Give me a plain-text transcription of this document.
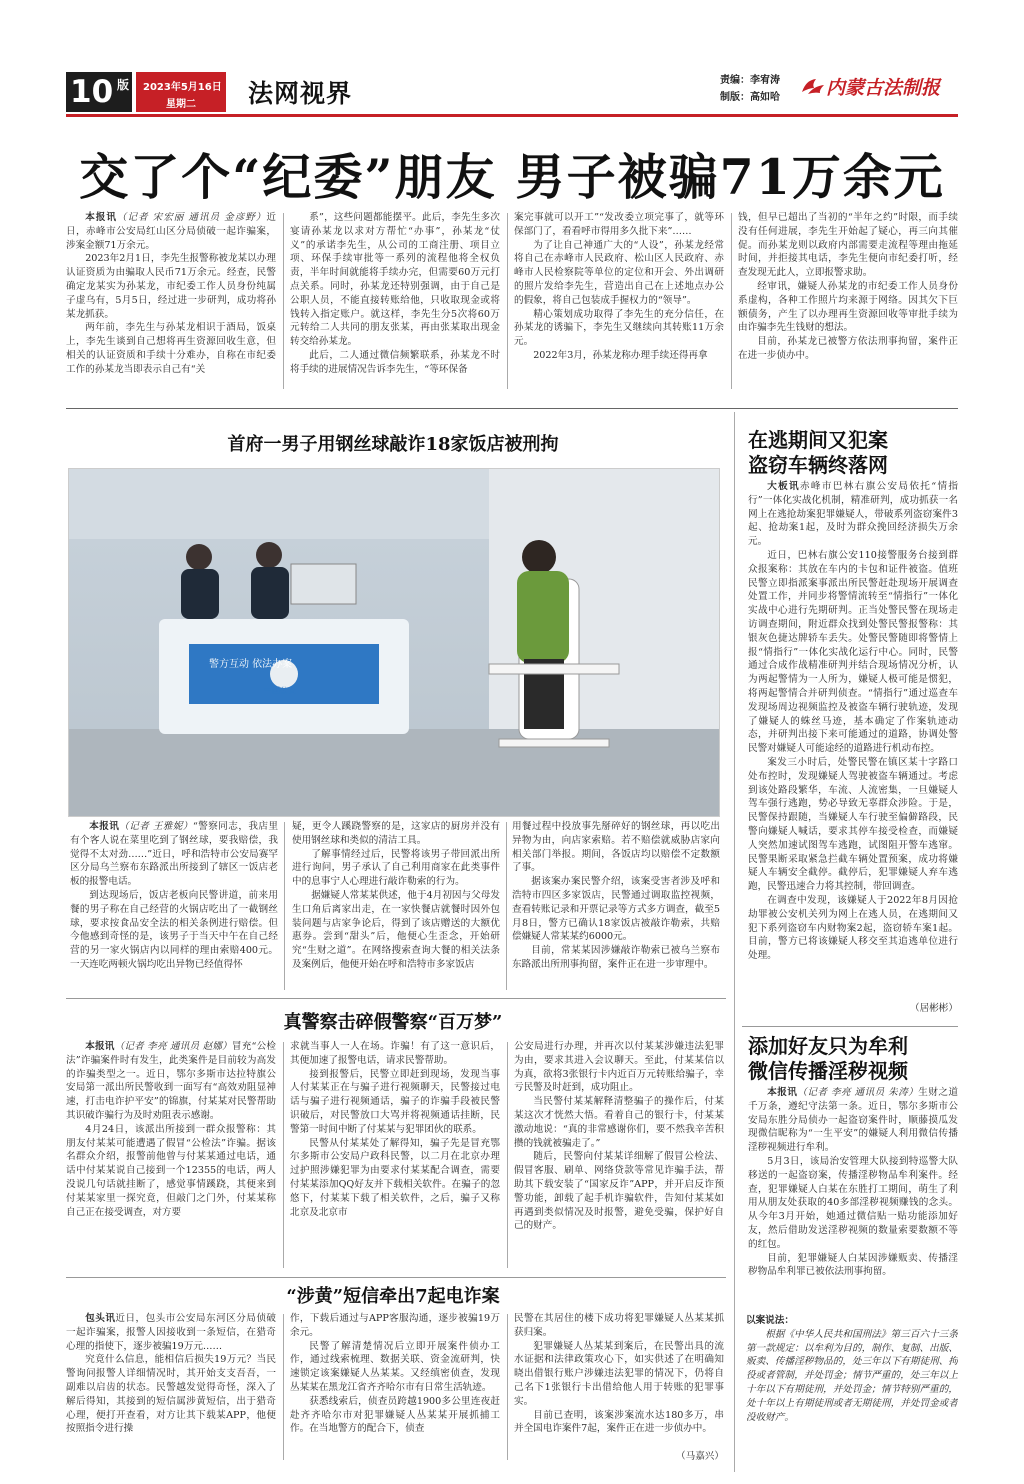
10 版 2023年5月16日
星期二 法网视界	责编：李宥涛
制版：高如哈 内蒙古法制报
交了个“纪委”朋友 男子被骗71万余元

本报讯（记者 宋宏丽 通讯员 金彦野）近日，赤峰市公安局红山区分局侦破一起诈骗案，涉案金额71万余元。

2023年2月1日，李先生报警称被龙某以办理认证资质为由骗取人民币71万余元。经查，民警确定龙某实为孙某龙，市纪委工作人员身份纯属子虚乌有，5月5日，经过进一步研判，成功将孙某龙抓获。

两年前，李先生与孙某龙相识于酒局，饭桌上，李先生谈到自己想将再生资源回收生意，但相关的认证资质和手续十分难办，自称在市纪委工作的孙某龙当即表示自己有“关

系”，这些问题都能摆平。此后，李先生多次宴请孙某龙以求对方帮忙“办事”，孙某龙“仗义”的承诺李先生，从公司的工商注册、项目立项、环保手续审批等一系列的流程他将全权负责，半年时间就能将手续办完，但需要60万元打点关系。同时，孙某龙还特别强调，由于自己是公职人员，不能直接转账给他，只收取现金或将钱转入指定账户。就这样，李先生分5次将60万元转给二人共同的朋友张某，再由张某取出现金转交给孙某龙。

此后，二人通过微信频繁联系，孙某龙不时将手续的进展情况告诉李先生，“等环保备

案完事就可以开工”“发改委立项完事了，就等环保部门了，看看呼市得用多久批下来”……

为了让自己神通广大的“人设”，孙某龙经常将自己在赤峰市人民政府、松山区人民政府、赤峰市人民检察院等单位的定位和开会、外出调研的照片发给李先生，营造出自己在上述地点办公的假象，将自己包装成手握权力的“领导”。

精心策划成功取得了李先生的充分信任，在孙某龙的诱骗下，李先生又继续向其转账11万余元。

2022年3月，孙某龙称办理手续还得再拿

钱，但早已超出了当初的“半年之约”时限，而手续没有任何进展，李先生开始起了疑心，再三向其催促。而孙某龙则以政府内部需要走流程等理由拖延时间，并拒接其电话，李先生便向市纪委打听，经查发现无此人，立即报警求助。

经审讯，嫌疑人孙某龙的市纪委工作人员身份系虚构，各种工作照片均来源于网络。因其欠下巨额债务，产生了以办理再生资源回收等审批手续为由诈骗李先生钱财的想法。

目前，孙某龙已被警方依法刑事拘留，案件正在进一步侦办中。

首府一男子用钢丝球敲诈18家饭店被刑拘
警方互动 依法办案
中国公安

本报讯（记者 王雅妮）“警察同志，我店里有个客人说在菜里吃到了钢丝球，要我赔偿，我觉得不太对劲……”近日，呼和浩特市公安局赛罕区分局乌兰察布东路派出所接到了辖区一饭店老板的报警电话。

到达现场后，饭店老板向民警讲道，前来用餐的男子称在自己经营的火锅店吃出了一截钢丝球，要求按食品安全法的相关条例进行赔偿。但今他感到奇怪的是，该男子于当天中午在自己经营的另一家火锅店内以同样的理由索赔400元。一天连吃两顿火锅均吃出异物已经值得怀

疑，更令人蹊跷警察的是，这家店的厨房并没有使用钢丝球和类似的清洁工具。

了解事情经过后，民警将该男子带回派出所进行询问，男子承认了自己利用商家在此类事件中的息事宁人心理进行敲诈勒索的行为。

据嫌疑人常某某供述，他于4月初因与父母发生口角后离家出走，在一家快餐店就餐时因外包装问题与店家争论后，得到了该店赠送的大额优惠券。尝到“甜头”后，他便心生歪念，开始研究“生财之道”。在网络搜索查询大餐的相关法条及案例后，他便开始在呼和浩特市多家饭店

用餐过程中投放事先掰碎好的钢丝球，再以吃出异物为由，向店家索赔。若不赔偿就威胁店家向相关部门举报。期间，各饭店均以赔偿不定数额了事。

据该案办案民警介绍，该案受害者涉及呼和浩特市四区多家饭店，民警通过调取监控视频，查看转账记录和开票记录等方式多方调查，截至5月8日，警方已确认18家饭店被敲诈勒索，共赔偿嫌疑人常某某约6000元。

目前，常某某因涉嫌敲诈勒索已被乌兰察布东路派出所刑事拘留，案件正在进一步审理中。

真警察击碎假警察“百万梦”

本报讯（记者 李亮 通讯员 赵娜）冒充“公检法”诈骗案件时有发生，此类案件是目前较为高发的诈骗类型之一。近日，鄂尔多斯市达拉特旗公安局第一派出所民警收到一面写有“高效劝阻显神速，打击电诈护平安”的锦旗，付某某对民警帮助其识破诈骗行为及时劝阻表示感谢。

4月24日，该派出所接到一群众报警称：其朋友付某某可能遭遇了假冒“公检法”诈骗。据该名群众介绍，报警前他曾与付某某通过电话，通话中付某某说自己接到一个12355的电话，两人没说几句话就挂断了，感觉事情蹊跷，其便来到付某某家里一探究竟，但敲门之门外，付某某称自己正在接受调查，对方要

求就当事人一人在场。诈骗！有了这一意识后，其便加速了报警电话，请求民警帮助。

接到报警后，民警立即赶到现场，发现当事人付某某正在与骗子进行视频聊天，民警接过电话与骗子进行视频通话，骗子的诈骗手段被民警识破后，对民警放口大骂并将视频通话挂断，民警第一时间中断了付某某与犯罪团伙的联系。

民警从付某某处了解得知，骗子先是冒充鄂尔多斯市公安局户政科民警，以二月在北京办理过护照涉嫌犯罪为由要求付某某配合调查，需要付某某添加QQ好友并下载相关软件。在骗子的忽悠下，付某某下载了相关软件，之后，骗子又称北京及北京市

公安局进行办理，并再次以付某某涉嫌违法犯罪为由，要求其进入会议聊天。至此，付某某信以为真，欲将3张银行卡内近百万元转账给骗子，幸亏民警及时赶到，成功阻止。

当民警付某某解释清整骗子的操作后，付某某这次才恍然大悟。看着自己的银行卡，付某某激动地说：“真的非常感谢你们，要不然我辛苦积攒的钱就被骗走了。”

随后，民警向付某某详细解了假冒公检法、假冒客服、刷单、网络贷款等常见诈骗手法，帮助其下载安装了“国家反诈”APP，并开启反诈预警功能，卸载了起手机诈骗软件，告知付某某如再遇到类似情况及时报警，避免受骗，保护好自己的财产。

“涉黄”短信牵出7起电诈案

包头讯近日，包头市公安局东河区分局侦破一起诈骗案，报警人因接收到一条短信，在猎奇心理的指使下，逐步被骗19万元……

究竟什么信息，能相信后损失19万元？当民警询问报警人详细情况时，其开始支支吾吾，一副难以启齿的状态。民警越发觉得奇怪，深入了解后得知，其接到的短信属涉黄短信，出于猎奇心理，便打开查看，对方让其下载某APP，他便按照指令进行操

作，下载后通过与APP客服沟通，逐步被骗19万余元。

民警了解清楚情况后立即开展案件侦办工作，通过线索梳理、数据关联、资金流研判，快速锁定该案嫌疑人丛某某。又经缜密侦查，发现丛某某在黑龙江省齐齐哈尔市有日常生活轨迹。

获悉线索后，侦查员跨越1900多公里连夜赶赴齐齐哈尔市对犯罪嫌疑人丛某某开展抓捕工作。在当地警方的配合下，侦查

民警在其居住的楼下成功将犯罪嫌疑人丛某某抓获归案。

犯罪嫌疑人丛某某到案后，在民警出具的流水证据和法律政策攻心下，如实供述了在明确知晓出借银行账户涉嫌违法犯罪的情况下，仍将自己名下1张银行卡出借给他人用于转账的犯罪事实。

目前已查明，该案涉案流水达180多万，串并全国电诈案件7起，案件正在进一步侦办中。

（马嘉兴）
在逃期间又犯案
盗窃车辆终落网

大板讯赤峰市巴林右旗公安局依托“情指行”一体化实战化机制，精准研判，成功抓获一名网上在逃抢劫案犯罪嫌疑人，带破系列盗窃案件3起、抢劫案1起，及时为群众挽回经济损失万余元。

近日，巴林右旗公安110接警服务台接到群众报案称：其放在车内的卡包和证件被盗。值班民警立即指派案事派出所民警赶赴现场开展调查处置工作，并同步将警情流转至“情指行”一体化实战中心进行先期研判。正当处警民警在现场走访调查期间，附近群众找到处警民警报警称：其银灰色捷达牌轿车丢失。处警民警随即将警情上报“情指行”一体化实战化运行中心。同时，民警通过合成作战精准研判并结合现场情况分析，认为两起警情为一人所为，嫌疑人极可能是惯犯，将两起警情合并研判侦查。“情指行”通过巡查车发现场周边视频监控及被盗车辆行驶轨迹，发现了嫌疑人的蛛丝马迹，基本确定了作案轨迹动态，并研判出接下来可能通过的道路，协调处警民警对嫌疑人可能途经的道路进行机动布控。

案发三小时后，处警民警在镇区某十字路口处布控时，发现嫌疑人驾驶被盗车辆通过。考虑到该处路段繁华，车流、人流密集，一旦嫌疑人驾车强行逃跑，势必导致无辜群众涉险。于是，民警保持跟随，当嫌疑人车行驶至偏僻路段，民警向嫌疑人喊话，要求其停车接受检查，而嫌疑人突然加速试图驾车逃跑，试图阻开警车逃窜。民警果断采取紧急拦截车辆处置预案，成功将嫌疑人车辆安全截停。截停后，犯罪嫌疑人弃车逃跑，民警迅速合力将其控制，带回调查。

在调查中发现，该嫌疑人于2022年8月因抢劫罪被公安机关列为网上在逃人员，在逃期间又犯下系列盗窃车内财物案2起，盗窃轿车案1起。目前，警方已将该嫌疑人移交至其追逃单位进行处理。

（居彬彬）
添加好友只为牟利
微信传播淫秽视频

本报讯（记者 李亮 通讯员 朱涛）生财之道千万条，遵纪守法第一条。近日，鄂尔多斯市公安局东胜分局侦办一起盗窃案件时，顺藤摸瓜发现微信昵称为“一生平安”的嫌疑人利用微信传播淫秽视频进行牟利。

5月3日，该局治安管理大队接到特巡警大队移送的一起盗窃案，传播淫秽物品牟利案件。经查，犯罪嫌疑人白某在东胜打工期间，萌生了利用从朋友处获取的40多部淫秽视频赚钱的念头。从今年3月开始，她通过微信贴一贴功能添加好友，然后借助发送淫秽视频的数量索要数额不等的红包。

目前，犯罪嫌疑人白某因涉嫌贩卖、传播淫秽物品牟利罪已被依法刑事拘留。

以案说法：

根据《中华人民共和国刑法》第三百六十三条第一款规定：以牟利为目的，制作、复制、出版、贩卖、传播淫秽物品的，处三年以下有期徒刑、拘役或者管制，并处罚金；情节严重的，处三年以上十年以下有期徒刑，并处罚金；情节特别严重的，处十年以上有期徒刑或者无期徒刑，并处罚金或者没收财产。
